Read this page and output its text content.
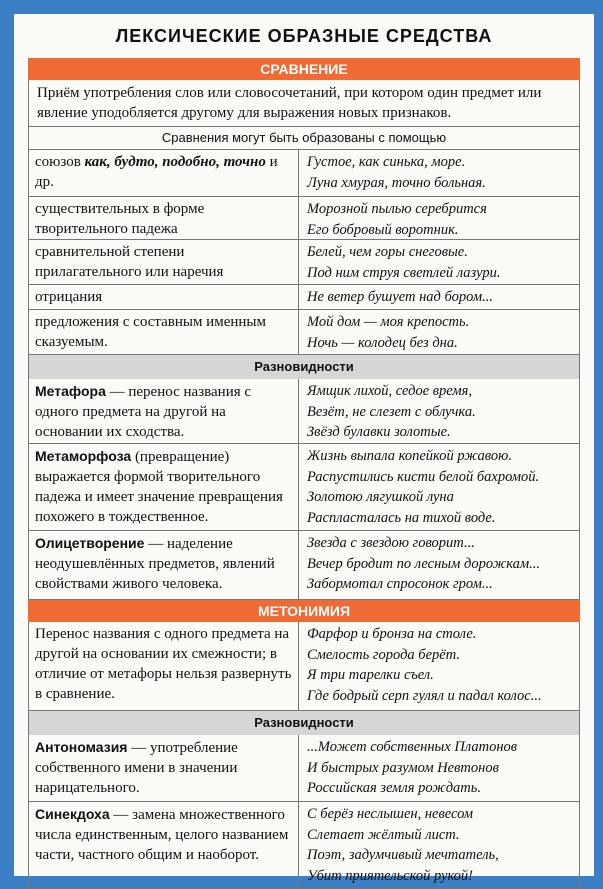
ЛЕКСИЧЕСКИЕ ОБРАЗНЫЕ СРЕДСТВА
СРАВНЕНИЕ
Приём употребления слов или словосочетаний, при котором один предмет или явление уподобляется другому для выражения новых признаков.
Сравнения могут быть образованы с помощью
союзов как, будто, подобно, точно и др.
Густое, как синька, море.
Луна хмурая, точно больная.
существительных в форме творительного падежа
Морозной пылью серебрится
Его бобровый воротник.
сравнительной степени прилагательного или наречия
Белей, чем горы снеговые.
Под ним струя светлей лазури.
отрицания	Не ветер бушует над бором...
предложения с составным именным сказуемым.
Мой дом — моя крепость.
Ночь — колодец без дна.
Разновидности
Метафора — перенос названия с одного предмета на другой на основании их сходства.
Ямщик лихой, седое время,
Везёт, не слезет с облучка.
Звёзд булавки золотые.
Метаморфоза (превращение) выражается формой творительного падежа и имеет значение превращения похожего в тождественное.
Жизнь выпала копейкой ржавою.
Распустились кисти белой бахромой.
Золотою лягушкой луна
Распласталась на тихой воде.
Олицетворение — наделение неодушевлённых предметов, явлений свойствами живого человека.
Звезда с звездою говорит...
Вечер бродит по лесным дорожкам...
Забормотал спросонок гром...
МЕТОНИМИЯ
Перенос названия с одного предмета на другой на основании их смежности; в отличие от метафоры нельзя развернуть в сравнение.
Фарфор и бронза на столе.
Смелость города берёт.
Я три тарелки съел.
Где бодрый серп гулял и падал колос...
Разновидности
Антономазия — употребление собственного имени в значении нарицательного.
...Может собственных Платонов
И быстрых разумом Невтонов
Российская земля рождать.
Синекдоха — замена множественного числа единственным, целого названием части, частного общим и наоборот.
С берёз неслышен, невесом
Слетает жёлтый лист.
Поэт, задумчивый мечтатель,
Убит приятельской рукой!
